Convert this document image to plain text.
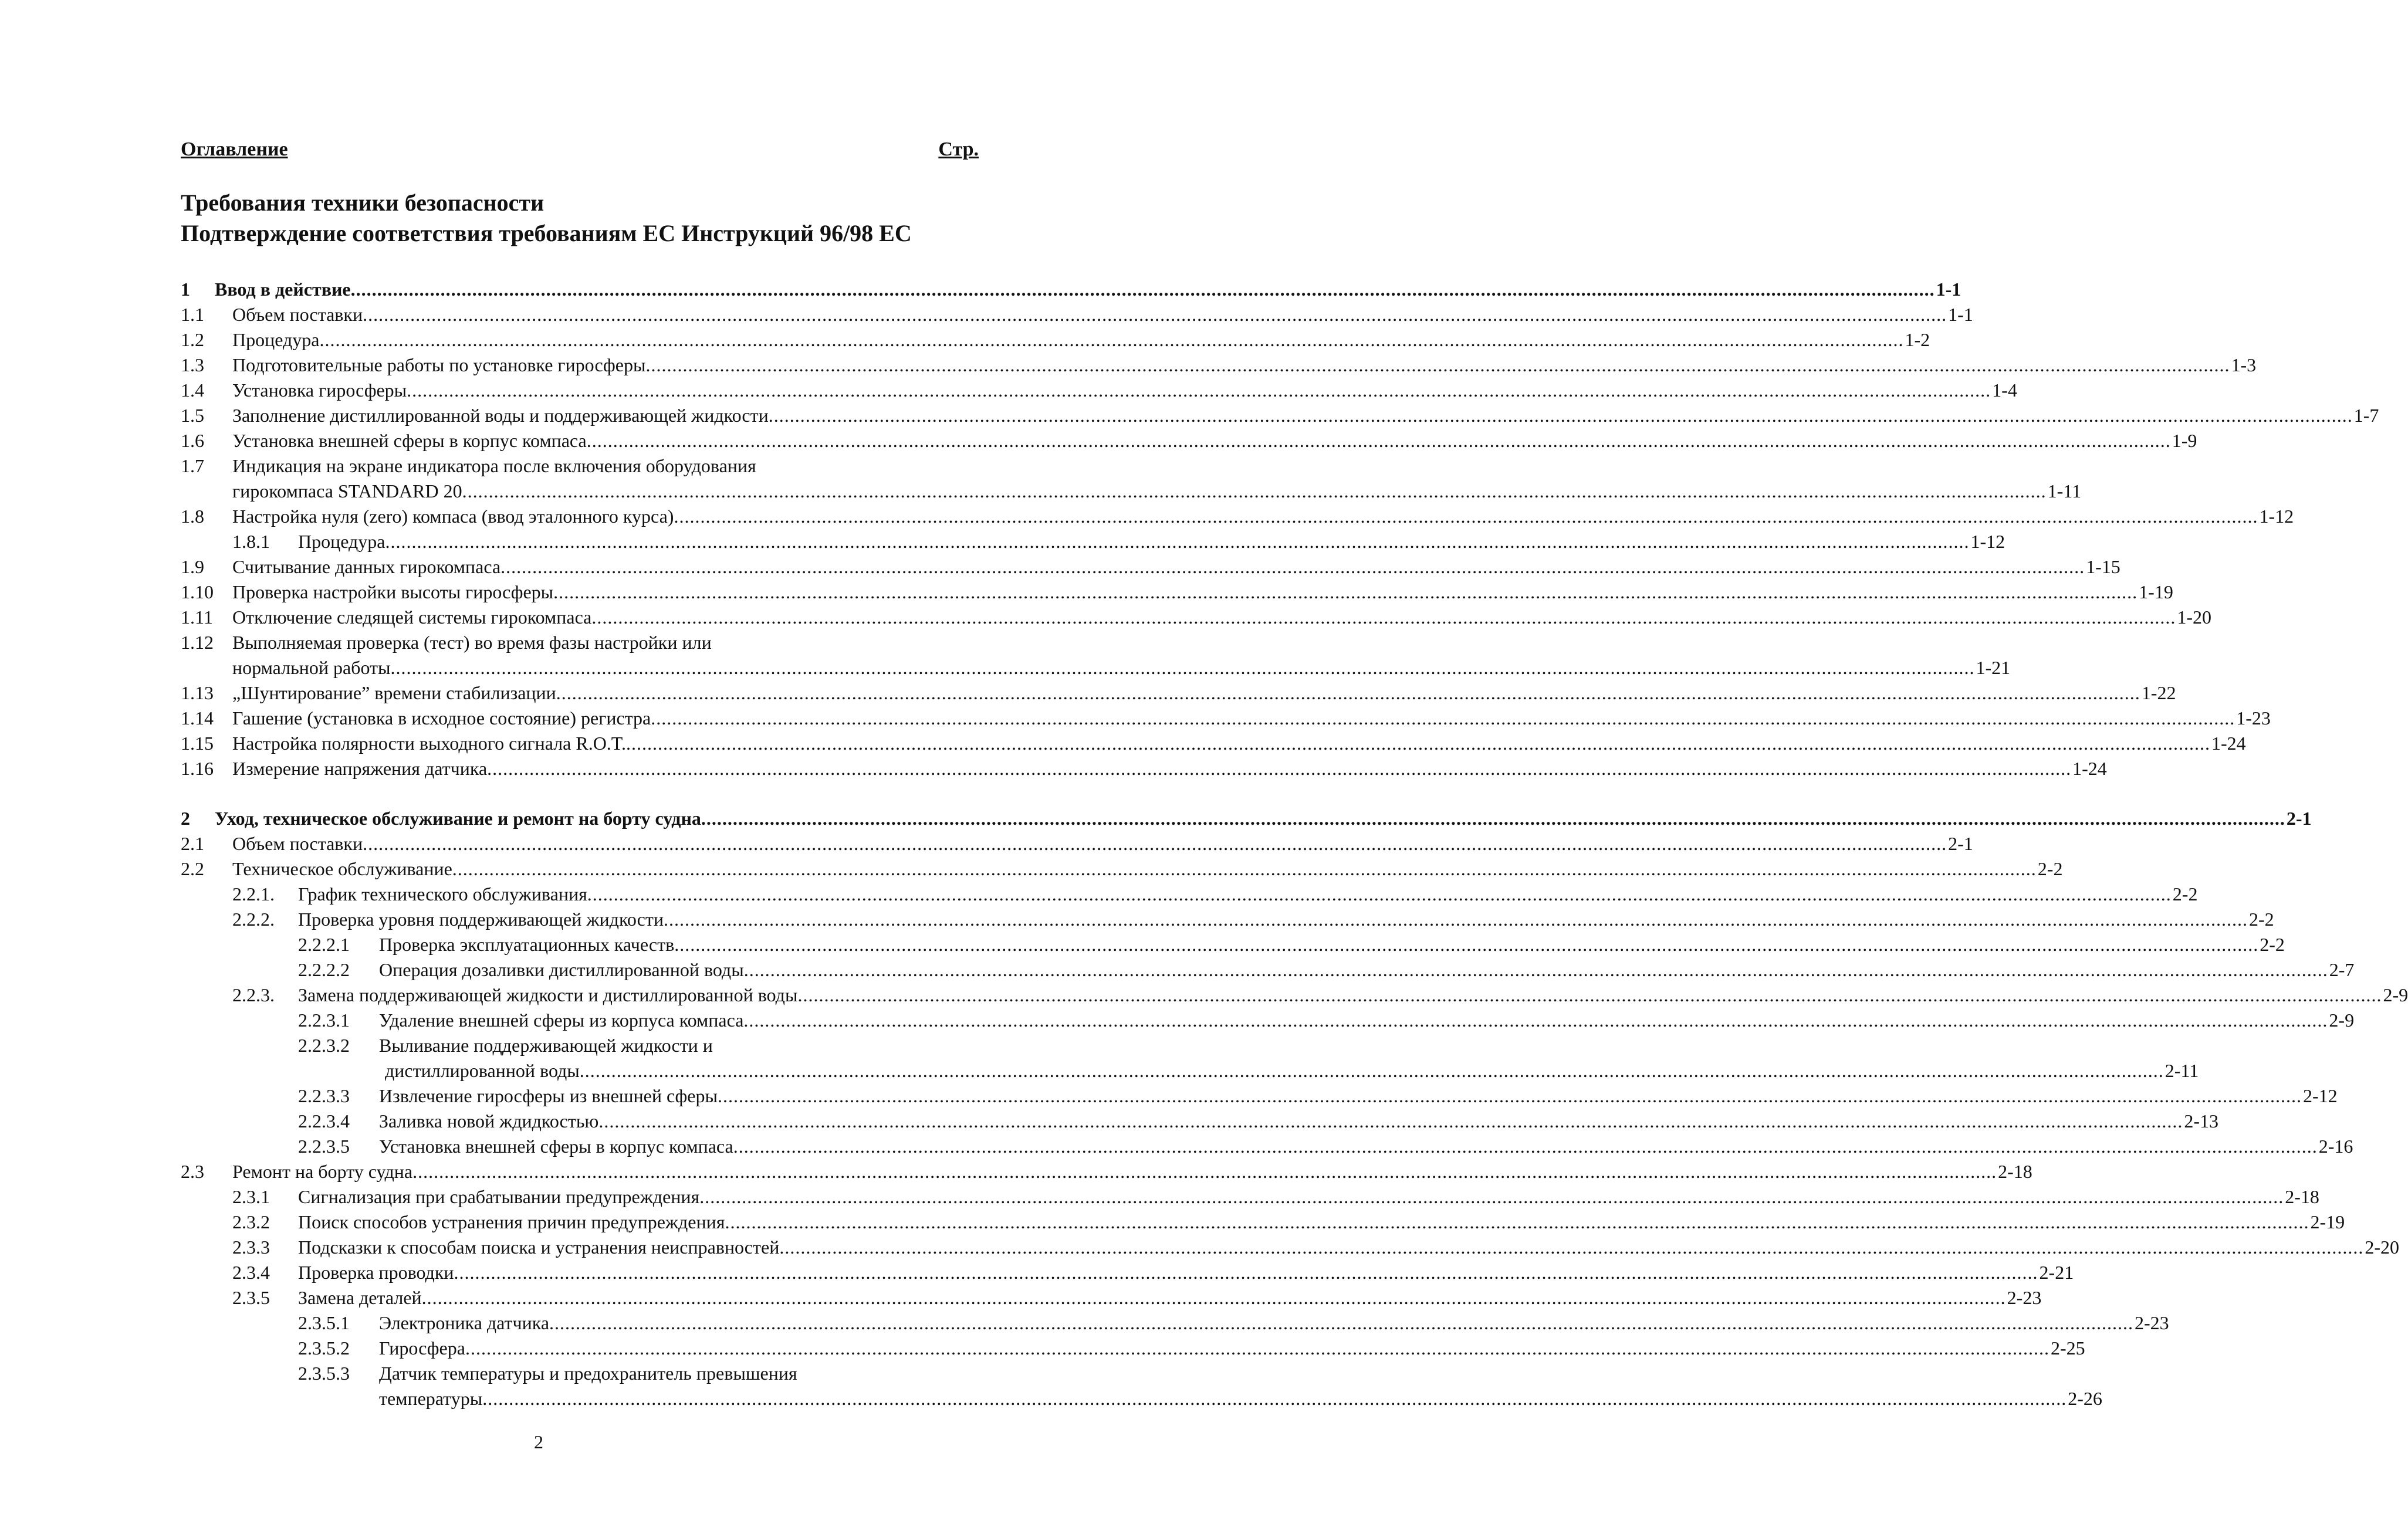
Оглавление	Стр.
Требования техники безопасности
Подтверждение соответствия требованиям ЕС Инструкций 96/98 ЕС
1 Ввод в действие ............................................................................................................................................................................................................................................................................................................ 1-1
1.1 Объем поставки ............................................................................................................................................................................................................................................................................................................ 1-1
1.2 Процедура ............................................................................................................................................................................................................................................................................................................ 1-2
1.3 Подготовительные работы по установке гиросферы ............................................................................................................................................................................................................................................................................................................ 1-3
1.4 Установка гиросферы ............................................................................................................................................................................................................................................................................................................ 1-4
1.5 Заполнение дистиллированной воды и поддерживающей жидкости ............................................................................................................................................................................................................................................................................................................ 1-7
1.6 Установка внешней сферы в корпус компаса ............................................................................................................................................................................................................................................................................................................ 1-9
1.7 Индикация на экране индикатора после включения оборудования
гирокомпаса STANDARD 20 ............................................................................................................................................................................................................................................................................................................ 1-11
1.8 Настройка нуля (zero) компаса (ввод эталонного курса) ............................................................................................................................................................................................................................................................................................................ 1-12
1.8.1	Процедура ............................................................................................................................................................................................................................................................................................................ 1-12
1.9 Считывание данных гирокомпаса ............................................................................................................................................................................................................................................................................................................ 1-15
1.10 Проверка настройки высоты гиросферы ............................................................................................................................................................................................................................................................................................................ 1-19
1.11 Отключение следящей системы гирокомпаса ............................................................................................................................................................................................................................................................................................................ 1-20
1.12 Выполняемая проверка (тест) во время фазы настройки или
нормальной работы ............................................................................................................................................................................................................................................................................................................ 1-21
1.13 „Шунтирование” времени стабилизации ............................................................................................................................................................................................................................................................................................................ 1-22
1.14 Гашение (установка в исходное состояние) регистра ............................................................................................................................................................................................................................................................................................................ 1-23
1.15 Настройка полярности выходного сигнала R.O.T. ............................................................................................................................................................................................................................................................................................................ 1-24
1.16 Измерение напряжения датчика ............................................................................................................................................................................................................................................................................................................ 1-24
2 Уход, техническое обслуживание и ремонт на борту судна ............................................................................................................................................................................................................................................................................................................ 2-1
2.1 Объем поставки ............................................................................................................................................................................................................................................................................................................ 2-1
2.2 Техническое обслуживание ............................................................................................................................................................................................................................................................................................................ 2-2
2.2.1. График технического обслуживания ............................................................................................................................................................................................................................................................................................................ 2-2
2.2.2. Проверка уровня поддерживающей жидкости ............................................................................................................................................................................................................................................................................................................ 2-2
2.2.2.1 Проверка эксплуатационных качеств ............................................................................................................................................................................................................................................................................................................ 2-2
2.2.2.2 Операция дозаливки дистиллированной воды ............................................................................................................................................................................................................................................................................................................ 2-7
2.2.3. Замена поддерживающей жидкости и дистиллированной воды ............................................................................................................................................................................................................................................................................................................ 2-9
2.2.3.1 Удаление внешней сферы из корпуса компаса ............................................................................................................................................................................................................................................................................................................ 2-9
2.2.3.2 Выливание поддерживающей жидкости и
дистиллированной воды ............................................................................................................................................................................................................................................................................................................ 2-11
2.2.3.3 Извлечение гиросферы из внешней сферы ............................................................................................................................................................................................................................................................................................................ 2-12
2.2.3.4 Заливка новой ждидкостью ............................................................................................................................................................................................................................................................................................................ 2-13
2.2.3.5 Установка внешней сферы в корпус компаса ............................................................................................................................................................................................................................................................................................................ 2-16
2.3 Ремонт на борту судна ............................................................................................................................................................................................................................................................................................................ 2-18
2.3.1 Сигнализация при срабатывании предупреждения ............................................................................................................................................................................................................................................................................................................ 2-18
2.3.2 Поиск способов устранения причин предупреждения ............................................................................................................................................................................................................................................................................................................ 2-19
2.3.3 Подсказки к способам поиска и устранения неисправностей ............................................................................................................................................................................................................................................................................................................ 2-20
2.3.4 Проверка проводки ............................................................................................................................................................................................................................................................................................................ 2-21
2.3.5 Замена деталей ............................................................................................................................................................................................................................................................................................................ 2-23
2.3.5.1 Электроника датчика ............................................................................................................................................................................................................................................................................................................ 2-23
2.3.5.2 Гиросфера ............................................................................................................................................................................................................................................................................................................ 2-25
2.3.5.3 Датчик температуры и предохранитель превышения
температуры ............................................................................................................................................................................................................................................................................................................ 2-26
2
